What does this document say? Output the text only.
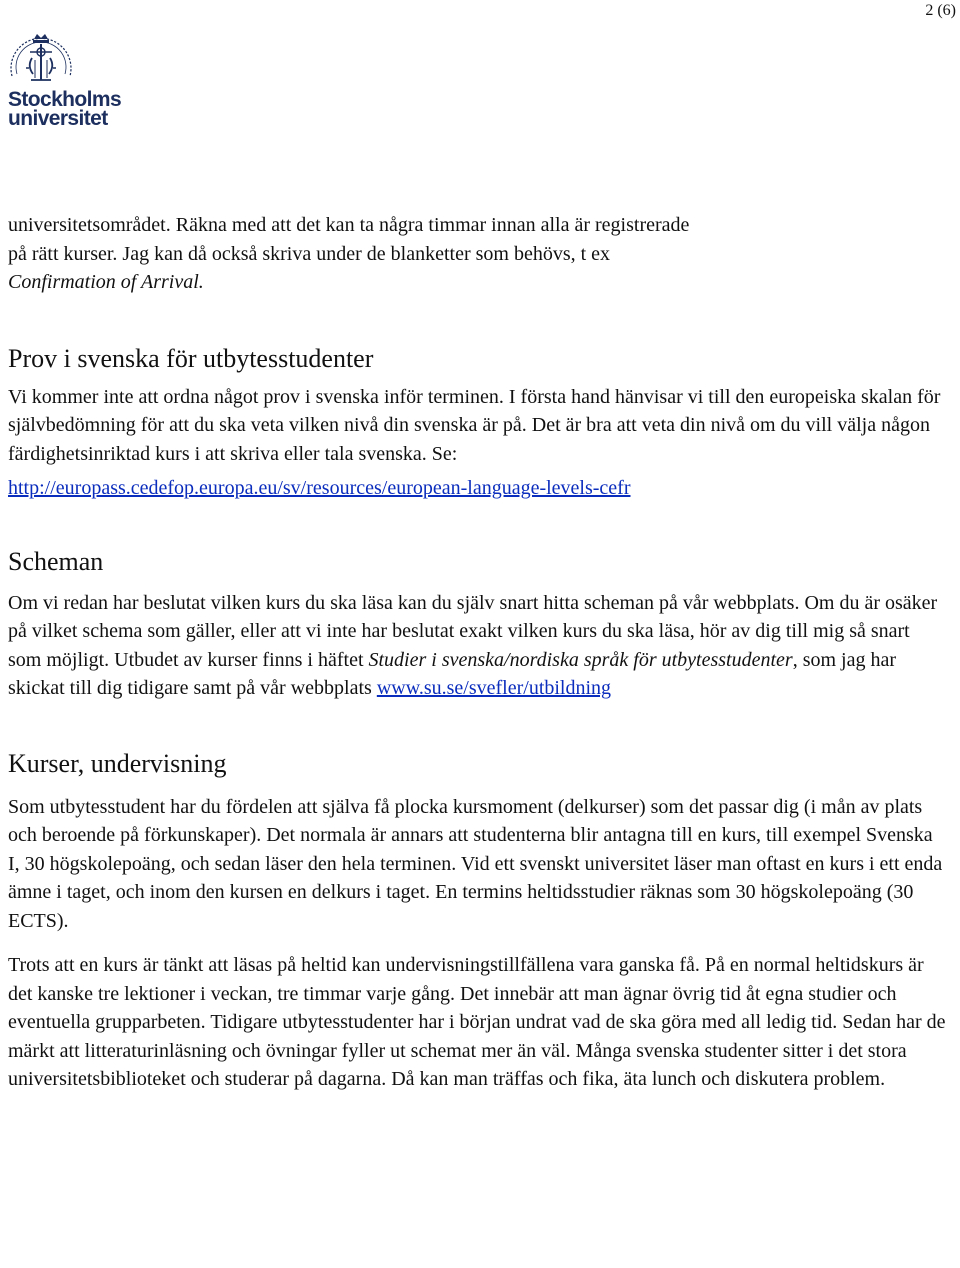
2 (6)
Stockholms
universitet

universitetsområdet. Räkna med att det kan ta några timmar innan alla är registrerade
på rätt kurser. Jag kan då också skriva under de blanketter som behövs, t ex
Confirmation of Arrival.

Prov i svenska för utbytesstudenter

Vi kommer inte att ordna något prov i svenska inför terminen. I första hand hänvisar vi till den europeiska skalan för självbedömning för att du ska veta vilken nivå din svenska är på. Det är bra att veta din nivå om du vill välja någon färdighetsinriktad kurs i att skriva eller tala svenska. Se:

http://europass.cedefop.europa.eu/sv/resources/european-language-levels-cefr

Scheman

Om vi redan har beslutat vilken kurs du ska läsa kan du själv snart hitta scheman på vår webbplats. Om du är osäker på vilket schema som gäller, eller att vi inte har beslutat exakt vilken kurs du ska läsa, hör av dig till mig så snart som möjligt. Utbudet av kurser finns i häftet Studier i svenska/nordiska språk för utbytesstudenter, som jag har skickat till dig tidigare samt på vår webbplats www.su.se/svefler/utbildning

Kurser, undervisning

Som utbytesstudent har du fördelen att själva få plocka kursmoment (delkurser) som det passar dig (i mån av plats och beroende på förkunskaper). Det normala är annars att studenterna blir antagna till en kurs, till exempel Svenska I, 30 högskolepoäng, och sedan läser den hela terminen. Vid ett svenskt universitet läser man oftast en kurs i ett enda ämne i taget, och inom den kursen en delkurs i taget. En termins heltidsstudier räknas som 30 högskolepoäng (30 ECTS).

Trots att en kurs är tänkt att läsas på heltid kan undervisningstillfällena vara ganska få. På en normal heltidskurs är det kanske tre lektioner i veckan, tre timmar varje gång. Det innebär att man ägnar övrig tid åt egna studier och eventuella grupparbeten. Tidigare utbytesstudenter har i början undrat vad de ska göra med all ledig tid. Sedan har de märkt att litteraturinläsning och övningar fyller ut schemat mer än väl. Många svenska studenter sitter i det stora universitetsbiblioteket och studerar på dagarna. Då kan man träffas och fika, äta lunch och diskutera problem.
